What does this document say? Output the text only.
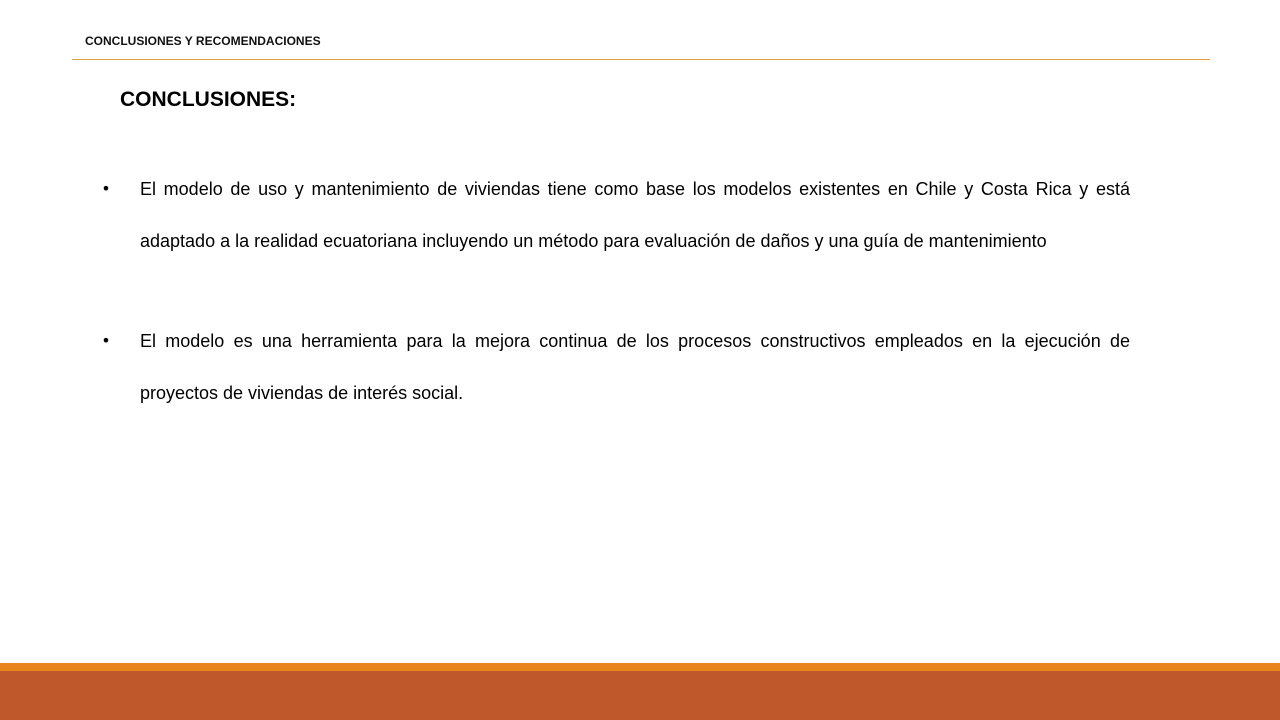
CONCLUSIONES Y RECOMENDACIONES
CONCLUSIONES:
• El modelo de uso y mantenimiento de viviendas tiene como base los modelos existentes en Chile y Costa Rica y está adaptado a la realidad ecuatoriana incluyendo un método para evaluación de daños y una guía de mantenimiento
• El modelo es una herramienta para la mejora continua de los procesos constructivos empleados en la ejecución de proyectos de viviendas de interés social.
